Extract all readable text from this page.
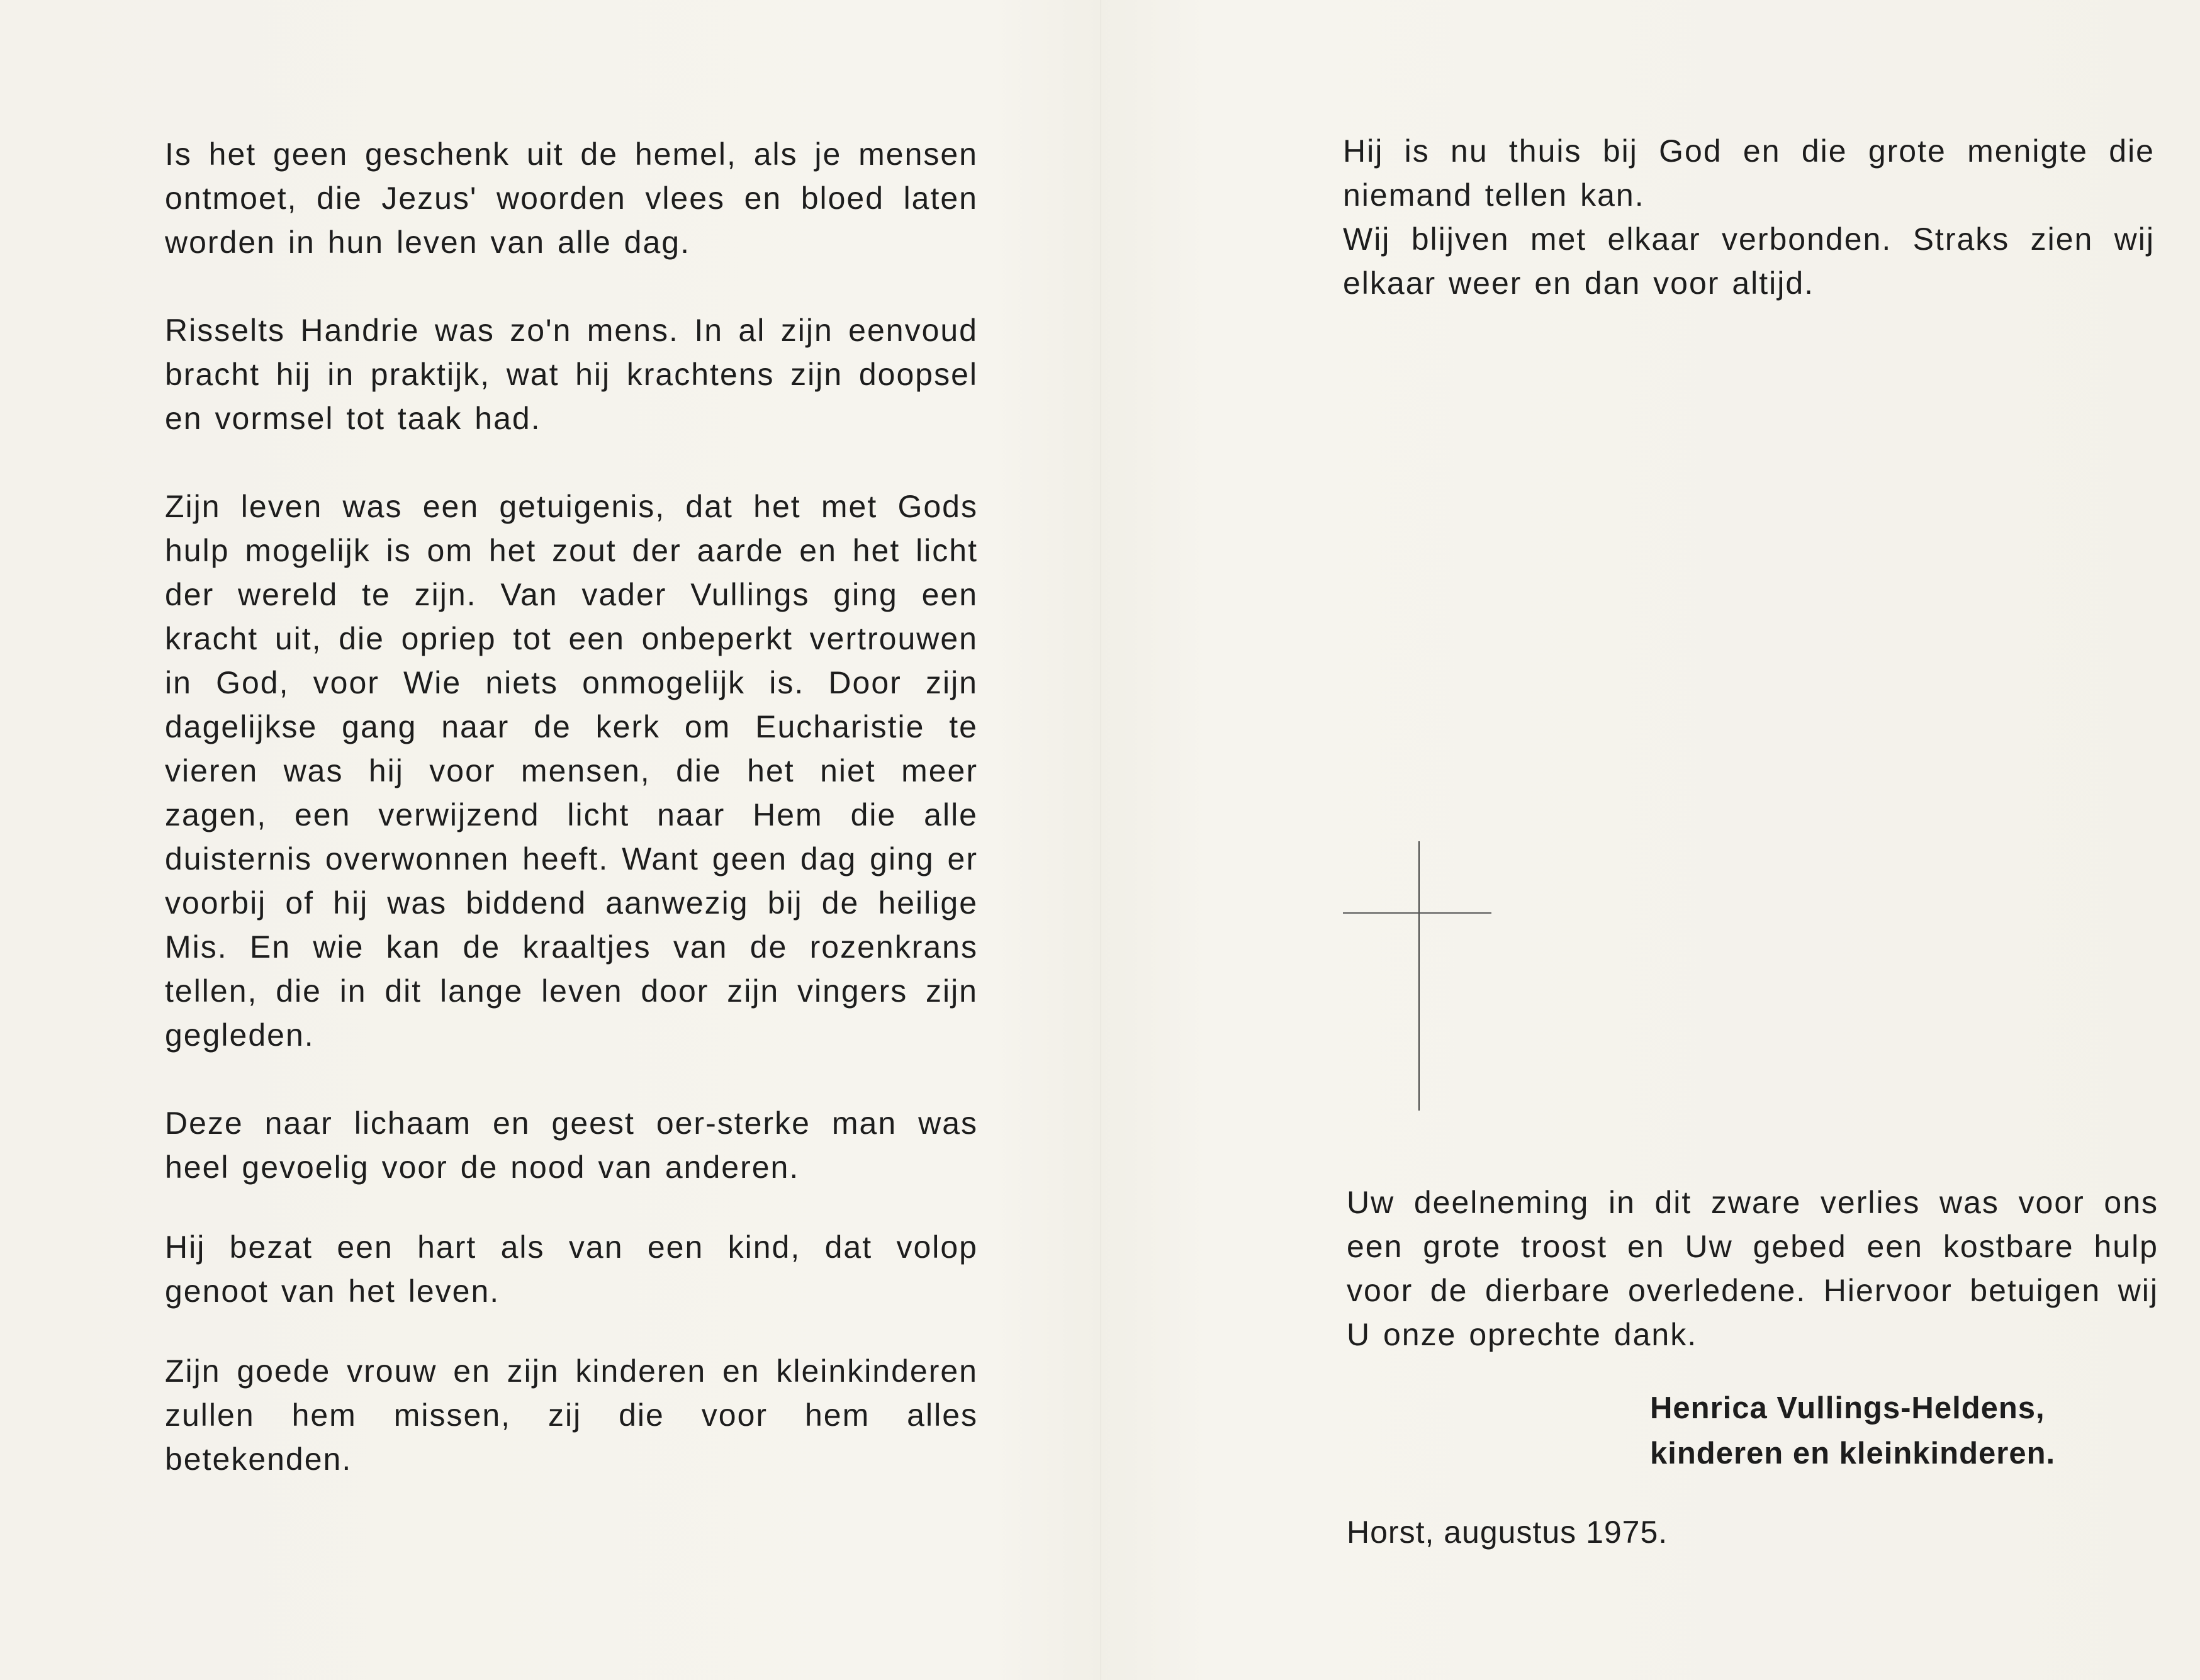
Is het geen geschenk uit de hemel, als je mensen ontmoet, die Jezus' woorden vlees en bloed laten worden in hun leven van alle dag.

Risselts Handrie was zo'n mens. In al zijn eenvoud bracht hij in praktijk, wat hij krachtens zijn doopsel en vormsel tot taak had.

Zijn leven was een getuigenis, dat het met Gods hulp mogelijk is om het zout der aarde en het licht der wereld te zijn. Van vader Vullings ging een kracht uit, die opriep tot een onbeperkt vertrouwen in God, voor Wie niets onmogelijk is. Door zijn dagelijkse gang naar de kerk om Eucharistie te vieren was hij voor mensen, die het niet meer zagen, een verwijzend licht naar Hem die alle duisternis overwonnen heeft. Want geen dag ging er voorbij of hij was biddend aanwezig bij de heilige Mis. En wie kan de kraaltjes van de rozenkrans tellen, die in dit lange leven door zijn vingers zijn gegleden.

Deze naar lichaam en geest oer-sterke man was heel gevoelig voor de nood van anderen.

Hij bezat een hart als van een kind, dat volop genoot van het leven.

Zijn goede vrouw en zijn kinderen en kleinkinderen zullen hem missen, zij die voor hem alles betekenden.

Hij is nu thuis bij God en die grote menigte die niemand tellen kan.

Wij blijven met elkaar verbonden. Straks zien wij elkaar weer en dan voor altijd.

Uw deelneming in dit zware verlies was voor ons een grote troost en Uw gebed een kostbare hulp voor de dierbare overledene. Hiervoor betuigen wij U onze oprechte dank.

Henrica Vullings-Heldens,
kinderen en kleinkinderen.
Horst, augustus 1975.
